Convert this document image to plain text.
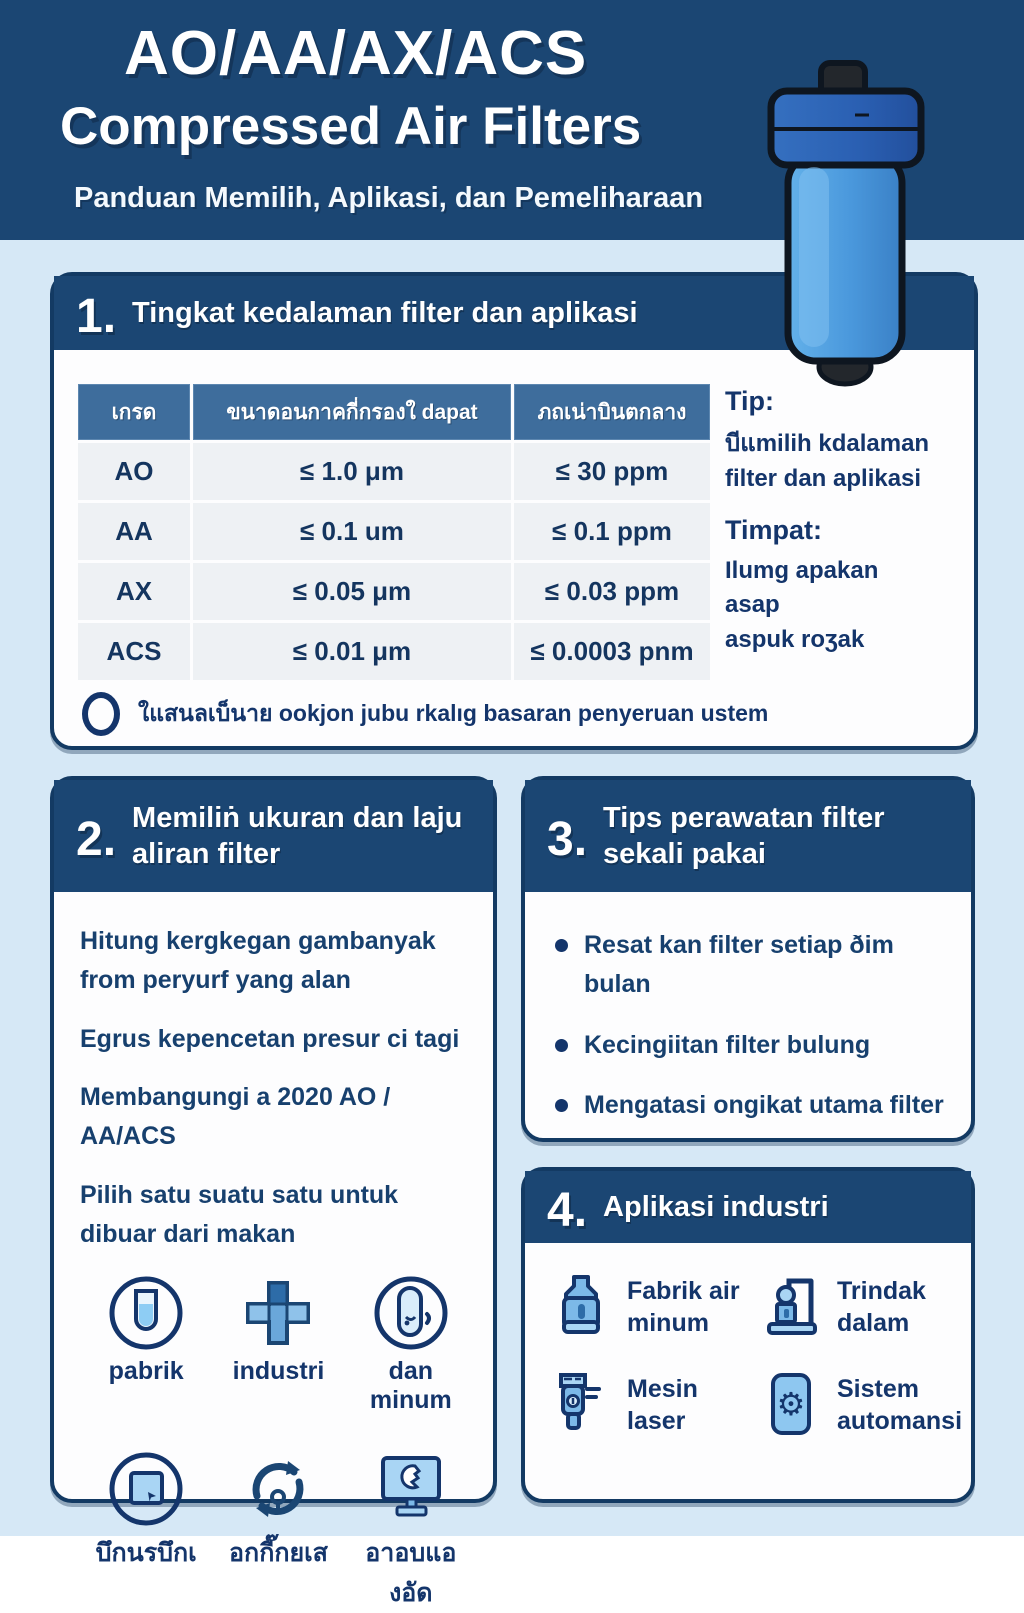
AO/AA/AX/ACS
Compressed Air Filters
Panduan Memilih, Aplikasi, dan Pemeliharaan
1. Tingkat kedalaman filter dan aplikasi
เกรด	ขนาดอนกาคกี่กรองใ dapat	ภถเน่าบินตกลาง
AO	≤ 1.0 μm	≤ 30 ppm
AA	≤ 0.1 um	≤ 0.1 ppm
AX	≤ 0.05 μm	≤ 0.03 ppm
ACS	≤ 0.01 μm	≤ 0.0003 pnm
Tip:
บีแmilih kdalaman
filter dan aplikasi
Timpat:
Ilumg apakan
asap
aspuk roʒak
ใแสนลเบ็นาย ookjon jubu rkalıg basaran penyeruan ustem
2. Memiliṅ ukuran dan laju aliran filter

Hitung kergkegan gambanyak from peryurf yang alan

Egrus kepencetan presur ci tagi

Membangungi a 2020 AO / AA/ACS

Pilih satu suatu satu untuk dibuar dari makan

pabrik industri	dan minum
บึกนรบึกเ อกกี๊กยเส	อาอบแองอัด
3. Tips perawatan filter sekali pakai
Resat kan filter setiap ðim bulan
Kecingiitan filter bulung
Mengatasi ongikat utama filter
4. Aplikasi industri
Fabrik air minum
Trindak dalam
Mesin laser	⚙ Sistem automansi
